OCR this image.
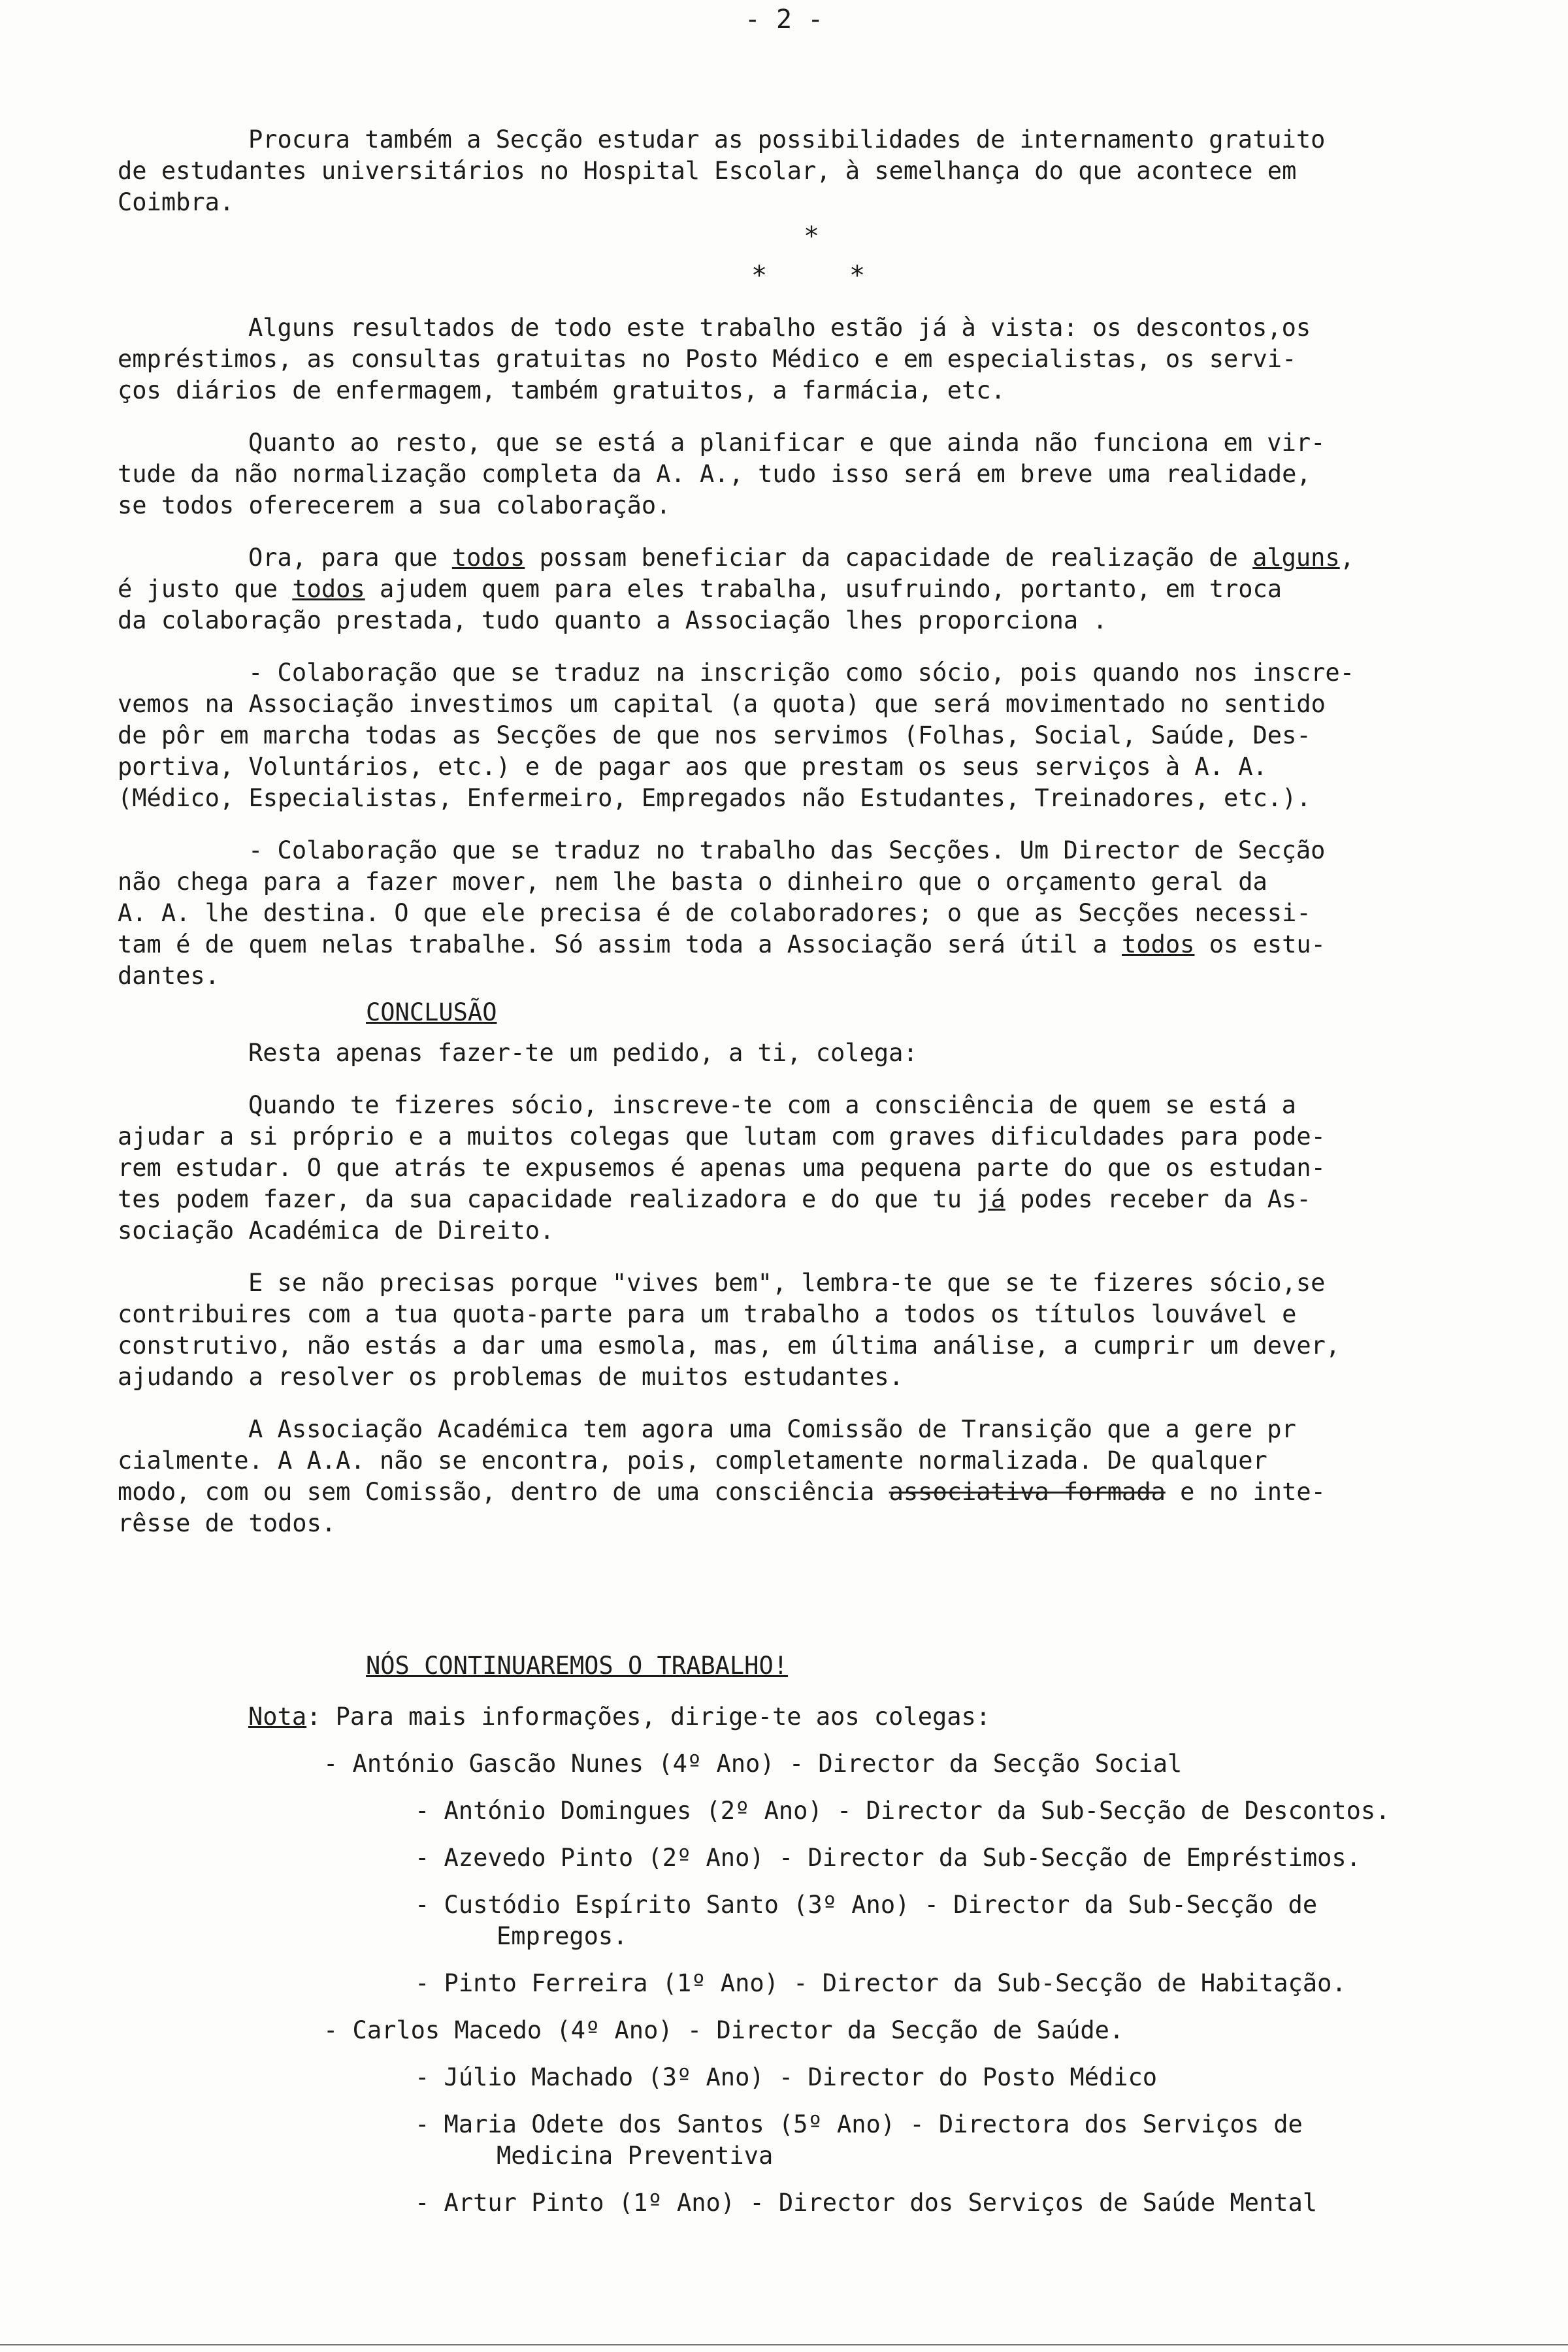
- 2 -

Procura também a Secção estudar as possibilidades de internamento gratuito
de estudantes universitários no Hospital Escolar, à semelhança do que acontece em
Coimbra.

*
*	*

Alguns resultados de todo este trabalho estão já à vista: os descontos,os
empréstimos, as consultas gratuitas no Posto Médico e em especialistas, os servi-
ços diários de enfermagem, também gratuitos, a farmácia, etc.

Quanto ao resto, que se está a planificar e que ainda não funciona em vir-
tude da não normalização completa da A. A., tudo isso será em breve uma realidade,
se todos oferecerem a sua colaboração.

Ora, para que todos possam beneficiar da capacidade de realização de alguns,
é justo que todos ajudem quem para eles trabalha, usufruindo, portanto, em troca
da colaboração prestada, tudo quanto a Associação lhes proporciona .

- Colaboração que se traduz na inscrição como sócio, pois quando nos inscre-
vemos na Associação investimos um capital (a quota) que será movimentado no sentido
de pôr em marcha todas as Secções de que nos servimos (Folhas, Social, Saúde, Des-
portiva, Voluntários, etc.) e de pagar aos que prestam os seus serviços à A. A.
(Médico, Especialistas, Enfermeiro, Empregados não Estudantes, Treinadores, etc.).

- Colaboração que se traduz no trabalho das Secções. Um Director de Secção
não chega para a fazer mover, nem lhe basta o dinheiro que o orçamento geral da
A. A. lhe destina. O que ele precisa é de colaboradores; o que as Secções necessi-
tam é de quem nelas trabalhe. Só assim toda a Associação será útil a todos os estu-
dantes.

CONCLUSÃO

Resta apenas fazer-te um pedido, a ti, colega:

Quando te fizeres sócio, inscreve-te com a consciência de quem se está a
ajudar a si próprio e a muitos colegas que lutam com graves dificuldades para pode-
rem estudar. O que atrás te expusemos é apenas uma pequena parte do que os estudan-
tes podem fazer, da sua capacidade realizadora e do que tu já podes receber da As-
sociação Académica de Direito.

E se não precisas porque "vives bem", lembra-te que se te fizeres sócio,se
contribuires com a tua quota-parte para um trabalho a todos os títulos louvável e
construtivo, não estás a dar uma esmola, mas, em última análise, a cumprir um dever,
ajudando a resolver os problemas de muitos estudantes.

A Associação Académica tem agora uma Comissão de Transição que a gere pr
cialmente. A A.A. não se encontra, pois, completamente normalizada. De qualquer
modo, com ou sem Comissão, dentro de uma consciência associativa formada e no inte-
rêsse de todos.

NÓS CONTINUAREMOS O TRABALHO!

Nota: Para mais informações, dirige-te aos colegas:

- António Gascão Nunes (4º Ano) - Director da Secção Social
- António Domingues (2º Ano) - Director da Sub-Secção de Descontos.
- Azevedo Pinto (2º Ano) - Director da Sub-Secção de Empréstimos.
- Custódio Espírito Santo (3º Ano) - Director da Sub-Secção de
Empregos.
- Pinto Ferreira (1º Ano) - Director da Sub-Secção de Habitação.
- Carlos Macedo (4º Ano) - Director da Secção de Saúde.
- Júlio Machado (3º Ano) - Director do Posto Médico
- Maria Odete dos Santos (5º Ano) - Directora dos Serviços de
Medicina Preventiva
- Artur Pinto (1º Ano) - Director dos Serviços de Saúde Mental
